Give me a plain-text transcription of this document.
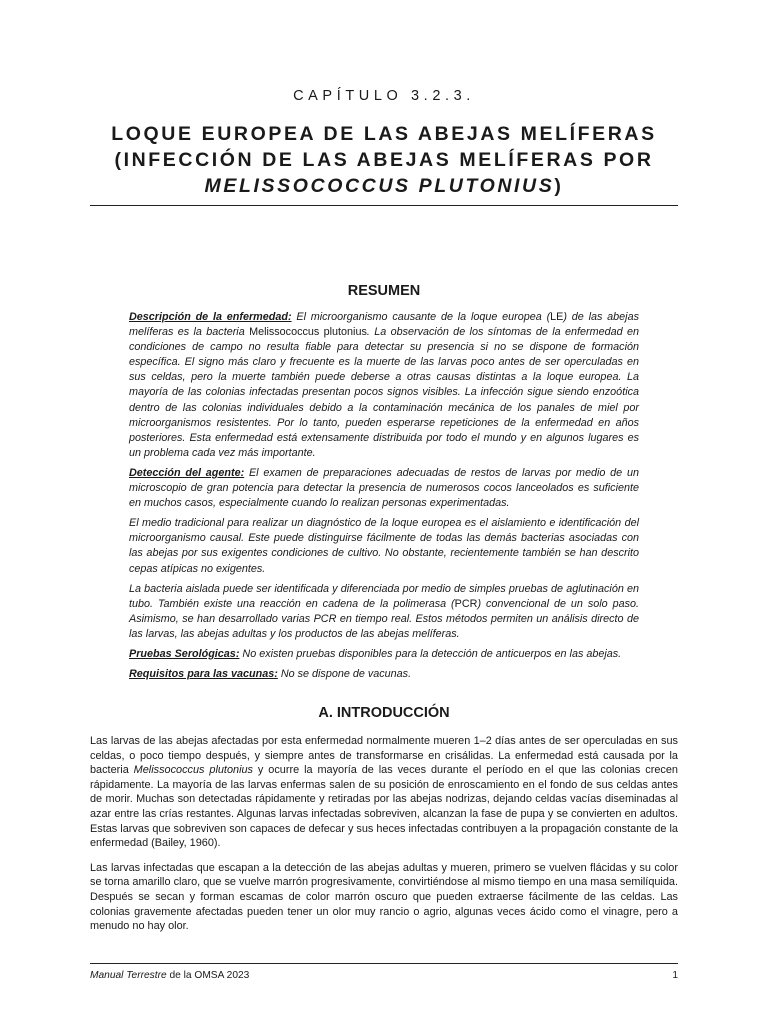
CAPÍTULO 3.2.3.
LOQUE EUROPEA DE LAS ABEJAS MELÍFERAS
(INFECCIÓN DE LAS ABEJAS MELÍFERAS POR
MELISSOCOCCUS PLUTONIUS)
RESUMEN

Descripción de la enfermedad: El microorganismo causante de la loque europea (LE) de las abejas melíferas es la bacteria Melissococcus plutonius. La observación de los síntomas de la enfermedad en condiciones de campo no resulta fiable para detectar su presencia si no se dispone de formación específica. El signo más claro y frecuente es la muerte de las larvas poco antes de ser operculadas en sus celdas, pero la muerte también puede deberse a otras causas distintas a la loque europea. La mayoría de las colonias infectadas presentan pocos signos visibles. La infección sigue siendo enzoótica dentro de las colonias individuales debido a la contaminación mecánica de los panales de miel por microorganismos resistentes. Por lo tanto, pueden esperarse repeticiones de la enfermedad en años posteriores. Esta enfermedad está extensamente distribuida por todo el mundo y en algunos lugares es un problema cada vez más importante.

Detección del agente: El examen de preparaciones adecuadas de restos de larvas por medio de un microscopio de gran potencia para detectar la presencia de numerosos cocos lanceolados es suficiente en muchos casos, especialmente cuando lo realizan personas experimentadas.

El medio tradicional para realizar un diagnóstico de la loque europea es el aislamiento e identificación del microorganismo causal. Este puede distinguirse fácilmente de todas las demás bacterias asociadas con las abejas por sus exigentes condiciones de cultivo. No obstante, recientemente también se han descrito cepas atípicas no exigentes.

La bacteria aislada puede ser identificada y diferenciada por medio de simples pruebas de aglutinación en tubo. También existe una reacción en cadena de la polimerasa (PCR) convencional de un solo paso. Asimismo, se han desarrollado varias PCR en tiempo real. Estos métodos permiten un análisis directo de las larvas, las abejas adultas y los productos de las abejas melíferas.

Pruebas Serológicas: No existen pruebas disponibles para la detección de anticuerpos en las abejas.

Requisitos para las vacunas: No se dispone de vacunas.

A. INTRODUCCIÓN

Las larvas de las abejas afectadas por esta enfermedad normalmente mueren 1–2 días antes de ser operculadas en sus celdas, o poco tiempo después, y siempre antes de transformarse en crisálidas. La enfermedad está causada por la bacteria Melissococcus plutonius y ocurre la mayoría de las veces durante el período en el que las colonias crecen rápidamente. La mayoría de las larvas enfermas salen de su posición de enroscamiento en el fondo de sus celdas antes de morir. Muchas son detectadas rápidamente y retiradas por las abejas nodrizas, dejando celdas vacías diseminadas al azar entre las crías restantes. Algunas larvas infectadas sobreviven, alcanzan la fase de pupa y se convierten en adultos. Estas larvas que sobreviven son capaces de defecar y sus heces infectadas contribuyen a la propagación constante de la enfermedad (Bailey, 1960).

Las larvas infectadas que escapan a la detección de las abejas adultas y mueren, primero se vuelven flácidas y su color se torna amarillo claro, que se vuelve marrón progresivamente, convirtiéndose al mismo tiempo en una masa semilíquida. Después se secan y forman escamas de color marrón oscuro que pueden extraerse fácilmente de las celdas. Las colonias gravemente afectadas pueden tener un olor muy rancio o agrio, algunas veces ácido como el vinagre, pero a menudo no hay olor.

Manual Terrestre de la OMSA 2023	1
